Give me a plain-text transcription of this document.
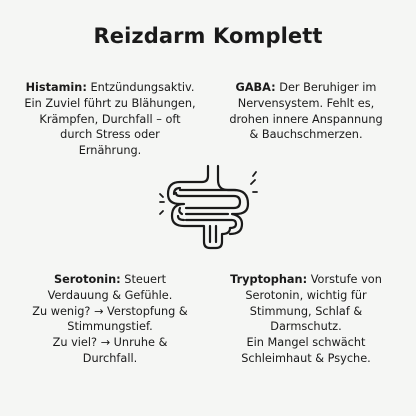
Reizdarm Komplett
Histamin: Entzündungsaktiv.
Ein Zuviel führt zu Blähungen,
Krämpfen, Durchfall – oft
durch Stress oder
Ernährung.
GABA: Der Beruhiger im
Nervensystem. Fehlt es,
drohen innere Anspannung
& Bauchschmerzen.
Serotonin: Steuert
Verdauung & Gefühle.
Zu wenig? → Verstopfung &
Stimmungstief.
Zu viel? → Unruhe &
Durchfall.
Tryptophan: Vorstufe von
Serotonin, wichtig für
Stimmung, Schlaf &
Darmschutz.
Ein Mangel schwächt
Schleimhaut & Psyche.
